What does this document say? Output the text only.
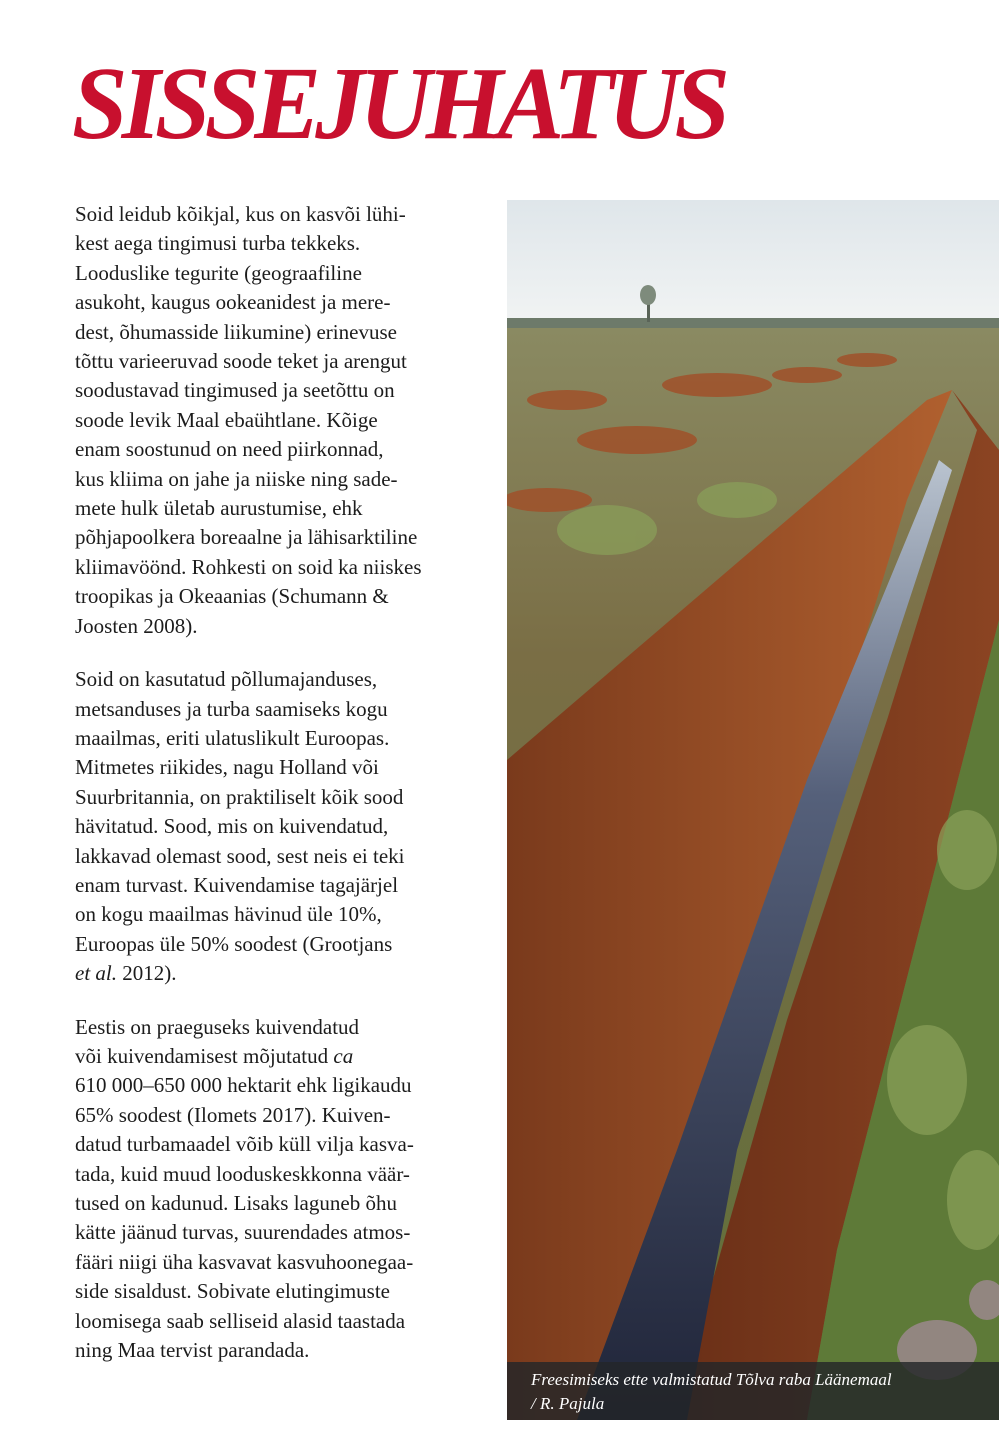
SISSEJUHATUS

Soid leidub kõikjal, kus on kasvõi lühi-
kest aega tingimusi turba tekkeks.
Looduslike tegurite (geograafiline
asukoht, kaugus ookeanidest ja mere-
dest, õhumasside liikumine) erinevuse
tõttu varieeruvad soode teket ja arengut
soodustavad tingimused ja seetõttu on
soode levik Maal ebaühtlane. Kõige
enam soostunud on need piirkonnad,
kus kliima on jahe ja niiske ning sade-
mete hulk ületab aurustumise, ehk
põhjapoolkera boreaalne ja lähisarktiline
kliimavöönd. Rohkesti on soid ka niiskes
troopikas ja Okeaanias (Schumann &
Joosten 2008).

Soid on kasutatud põllumajanduses,
metsanduses ja turba saamiseks kogu
maailmas, eriti ulatuslikult Euroopas.
Mitmetes riikides, nagu Holland või
Suurbritannia, on praktiliselt kõik sood
hävitatud. Sood, mis on kuivendatud,
lakkavad olemast sood, sest neis ei teki
enam turvast. Kuivendamise tagajärjel
on kogu maailmas hävinud üle 10%,
Euroopas üle 50% soodest (Grootjans
et al. 2012).

Eestis on praeguseks kuivendatud
või kuivendamisest mõjutatud ca
610 000–650 000 hektarit ehk ligikaudu
65% soodest (Ilomets 2017). Kuiven-
datud turbamaadel võib küll vilja kasva-
tada, kuid muud looduskeskkonna väär-
tused on kadunud. Lisaks laguneb õhu
kätte jäänud turvas, suurendades atmos-
fääri niigi üha kasvavat kasvuhoonegaa-
side sisaldust. Sobivate elutingimuste
loomisega saab selliseid alasid taastada
ning Maa tervist parandada.

Freesimiseks ette valmistatud Tõlva raba Läänemaal
/ R. Pajula
